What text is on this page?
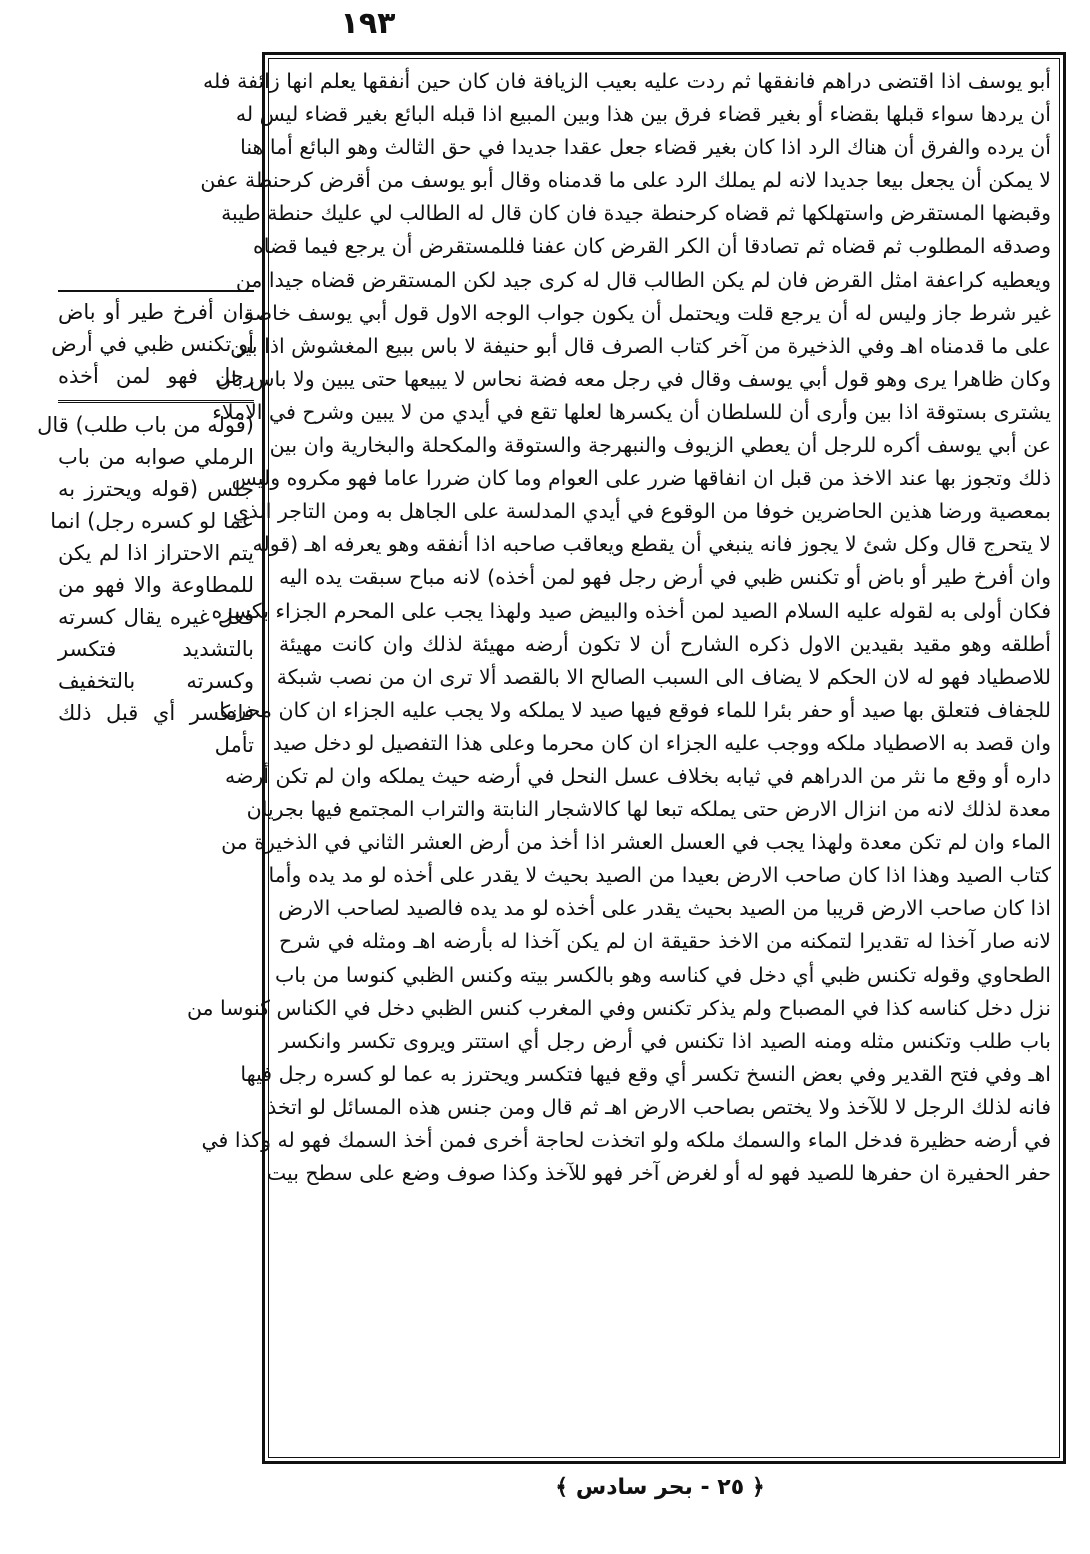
١٩٣
وان أفرخ طير أو باض
أو تكنس ظبي في أرض
رجل فهو لمن أخذه
(قوله من باب طلب) قال
الرملي صوابه من باب
جلس (قوله ويحترز به
عما لو كسره رجل) انما
يتم الاحتراز اذا لم يكن
للمطاوعة والا فهو من
فعل غيره يقال كسرته
بالتشديد فتكسر
وكسرته بالتخفيف
فانكسر أي قبل ذلك
تأمل
أبو يوسف اذا اقتضى دراهم فانفقها ثم ردت عليه بعيب الزيافة فان كان حين أنفقها يعلم انها زائفة فله
أن يردها سواء قبلها بقضاء أو بغير قضاء فرق بين هذا وبين المبيع اذا قبله البائع بغير قضاء ليس له
أن يرده والفرق أن هناك الرد اذا كان بغير قضاء جعل عقدا جديدا في حق الثالث وهو البائع أما هنا
لا يمكن أن يجعل بيعا جديدا لانه لم يملك الرد على ما قدمناه وقال أبو يوسف من أقرض كرحنطة عفن
وقبضها المستقرض واستهلكها ثم قضاه كرحنطة جيدة فان كان قال له الطالب لي عليك حنطة طيبة
وصدقه المطلوب ثم قضاه ثم تصادقا أن الكر القرض كان عفنا فللمستقرض أن يرجع فيما قضاه
ويعطيه كراعفة امثل القرض فان لم يكن الطالب قال له كرى جيد لكن المستقرض قضاه جيدا من
غير شرط جاز وليس له أن يرجع قلت ويحتمل أن يكون جواب الوجه الاول قول أبي يوسف خاصة
على ما قدمناه اهـ وفي الذخيرة من آخر كتاب الصرف قال أبو حنيفة لا باس ببيع المغشوش اذا بين
وكان ظاهرا يرى وهو قول أبي يوسف وقال في رجل معه فضة نحاس لا يبيعها حتى يبين ولا باس بان
يشترى بستوقة اذا بين وأرى أن للسلطان أن يكسرها لعلها تقع في أيدي من لا يبين وشرح في الاملاء
عن أبي يوسف أكره للرجل أن يعطي الزيوف والنبهرجة والستوقة والمكحلة والبخارية وان بين
ذلك وتجوز بها عند الاخذ من قبل ان انفاقها ضرر على العوام وما كان ضررا عاما فهو مكروه وليس
بمعصية ورضا هذين الحاضرين خوفا من الوقوع في أيدي المدلسة على الجاهل به ومن التاجر الذي
لا يتحرج قال وكل شئ لا يجوز فانه ينبغي أن يقطع ويعاقب صاحبه اذا أنفقه وهو يعرفه اهـ (قوله
وان أفرخ طير أو باض أو تكنس ظبي في أرض رجل فهو لمن أخذه) لانه مباح سبقت يده اليه
فكان أولى به لقوله عليه السلام الصيد لمن أخذه والبيض صيد ولهذا يجب على المحرم الجزاء بكسره
أطلقه وهو مقيد بقيدين الاول ذكره الشارح أن لا تكون أرضه مهيئة لذلك وان كانت مهيئة
للاصطياد فهو له لان الحكم لا يضاف الى السبب الصالح الا بالقصد ألا ترى ان من نصب شبكة
للجفاف فتعلق بها صيد أو حفر بئرا للماء فوقع فيها صيد لا يملكه ولا يجب عليه الجزاء ان كان محرما
وان قصد به الاصطياد ملكه ووجب عليه الجزاء ان كان محرما وعلى هذا التفصيل لو دخل صيد
داره أو وقع ما نثر من الدراهم في ثيابه بخلاف عسل النحل في أرضه حيث يملكه وان لم تكن أرضه
معدة لذلك لانه من انزال الارض حتى يملكه تبعا لها كالاشجار النابتة والتراب المجتمع فيها بجريان
الماء وان لم تكن معدة ولهذا يجب في العسل العشر اذا أخذ من أرض العشر الثاني في الذخيرة من
كتاب الصيد وهذا اذا كان صاحب الارض بعيدا من الصيد بحيث لا يقدر على أخذه لو مد يده وأما
اذا كان صاحب الارض قريبا من الصيد بحيث يقدر على أخذه لو مد يده فالصيد لصاحب الارض
لانه صار آخذا له تقديرا لتمكنه من الاخذ حقيقة ان لم يكن آخذا له بأرضه اهـ ومثله في شرح
الطحاوي وقوله تكنس ظبي أي دخل في كناسه وهو بالكسر بيته وكنس الظبي كنوسا من باب
نزل دخل كناسه كذا في المصباح ولم يذكر تكنس وفي المغرب كنس الظبي دخل في الكناس كنوسا من
باب طلب وتكنس مثله ومنه الصيد اذا تكنس في أرض رجل أي استتر ويروى تكسر وانكسر
اهـ وفي فتح القدير وفي بعض النسخ تكسر أي وقع فيها فتكسر ويحترز به عما لو كسره رجل فيها
فانه لذلك الرجل لا للآخذ ولا يختص بصاحب الارض اهـ ثم قال ومن جنس هذه المسائل لو اتخذ
في أرضه حظيرة فدخل الماء والسمك ملكه ولو اتخذت لحاجة أخرى فمن أخذ السمك فهو له وكذا في
حفر الحفيرة ان حفرها للصيد فهو له أو لغرض آخر فهو للآخذ وكذا صوف وضع على سطح بيت
﴿ ٢٥ - بحر سادس ﴾
